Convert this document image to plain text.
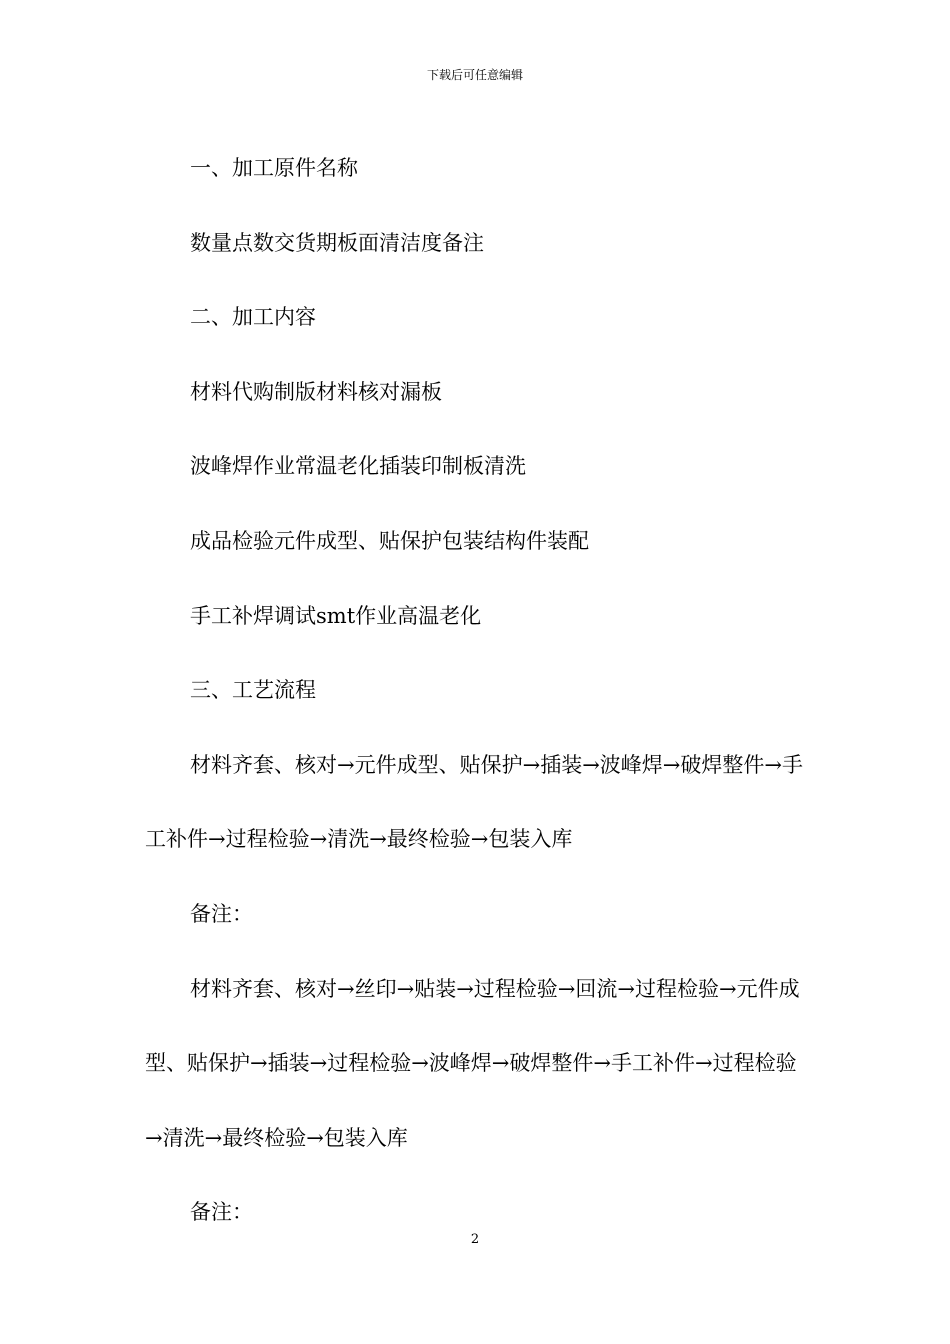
下载后可任意编辑

一、加工原件名称

数量点数交货期板面清洁度备注

二、加工内容

材料代购制版材料核对漏板

波峰焊作业常温老化插装印制板清洗

成品检验元件成型、贴保护包装结构件装配

手工补焊调试smt作业高温老化

三、工艺流程

材料齐套、核对→元件成型、贴保护→插装→波峰焊→破焊整件→手工补件→过程检验→清洗→最终检验→包装入库

备注：

材料齐套、核对→丝印→贴装→过程检验→回流→过程检验→元件成型、贴保护→插装→过程检验→波峰焊→破焊整件→手工补件→过程检验→清洗→最终检验→包装入库

备注：

2
